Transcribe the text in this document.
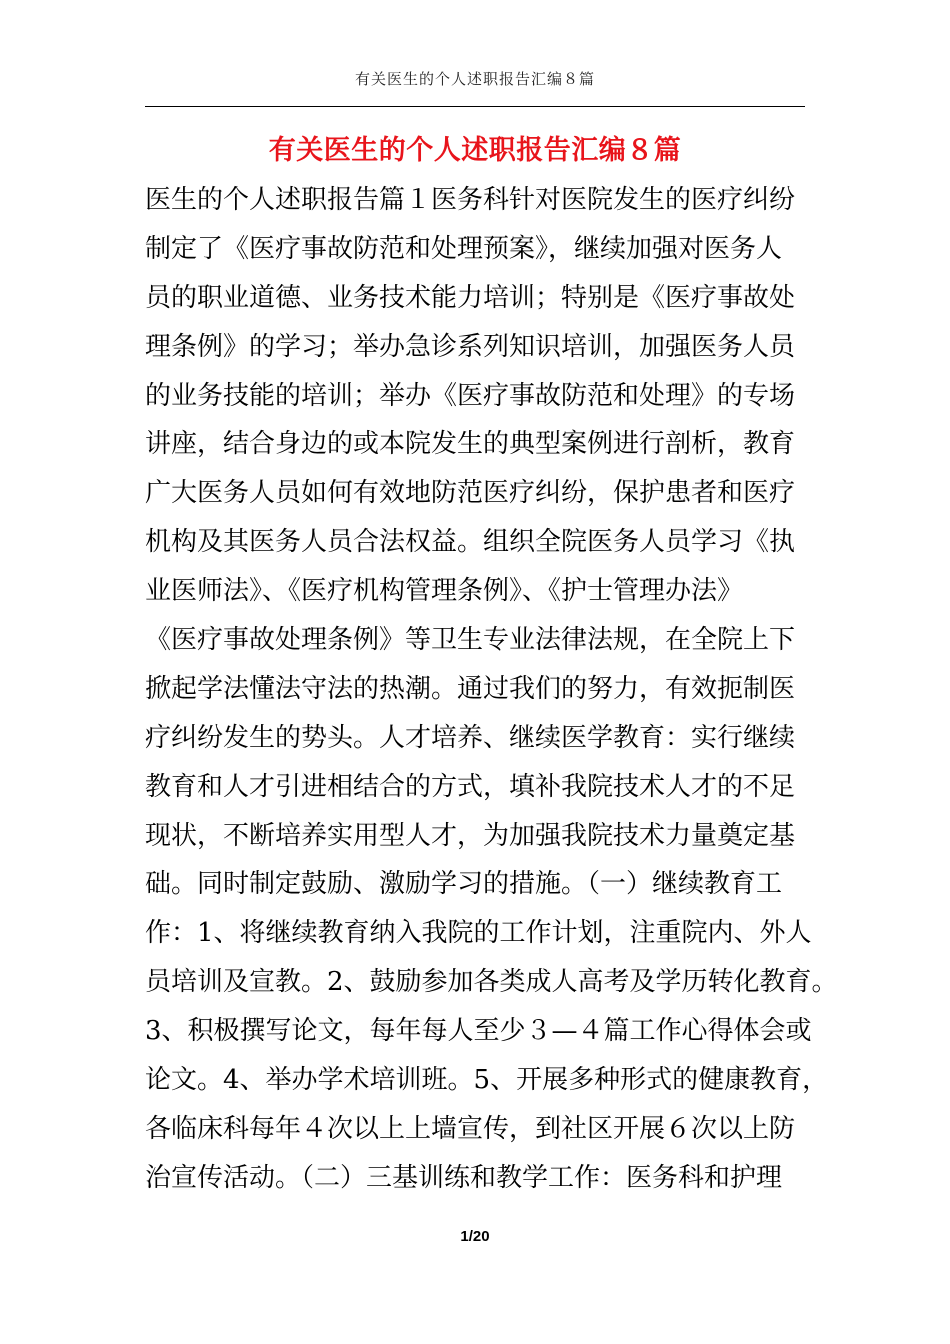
有关医生的个人述职报告汇编８篇
有关医生的个人述职报告汇编８篇
医生的个人述职报告篇１医务科针对医院发生的医疗纠纷
制定了《医疗事故防范和处理预案》，继续加强对医务人
员的职业道德、业务技术能力培训；特别是《医疗事故处
理条例》的学习；举办急诊系列知识培训，加强医务人员
的业务技能的培训；举办《医疗事故防范和处理》的专场
讲座，结合身边的或本院发生的典型案例进行剖析，教育
广大医务人员如何有效地防范医疗纠纷，保护患者和医疗
机构及其医务人员合法权益。组织全院医务人员学习《执
业医师法》、《医疗机构管理条例》、《护士管理办法》
《医疗事故处理条例》等卫生专业法律法规，在全院上下
掀起学法懂法守法的热潮。通过我们的努力，有效扼制医
疗纠纷发生的势头。人才培养、继续医学教育：实行继续
教育和人才引进相结合的方式，填补我院技术人才的不足
现状，不断培养实用型人才，为加强我院技术力量奠定基
础。同时制定鼓励、激励学习的措施。（一）继续教育工
作：1、将继续教育纳入我院的工作计划，注重院内、外人
员培训及宣教。2、鼓励参加各类成人高考及学历转化教育。
3、积极撰写论文，每年每人至少３—４篇工作心得体会或
论文。4、举办学术培训班。5、开展多种形式的健康教育，
各临床科每年４次以上上墙宣传，到社区开展６次以上防
治宣传活动。（二）三基训练和教学工作：医务科和护理
1/20
